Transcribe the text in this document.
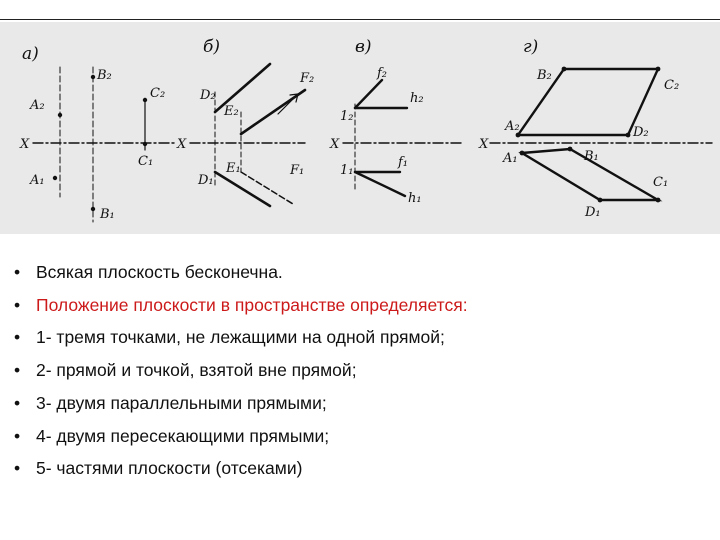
а)
A₂
B₂
C₂
X
C₁
A₁
B₁
б)
D₂
F₂
E₂
X
E₁	F₁
D₁
в)
f₂
h₂
1₂
X
1₁
f₁
h₁
г)
B₂
C₂
X
A₂	D₂
A₁	B₁
C₁
D₁
• Всякая плоскость бесконечна.
• Положение плоскости в пространстве определяется:
• 1- тремя точками, не лежащими на одной прямой;
• 2- прямой и точкой, взятой вне прямой;
• 3- двумя параллельными прямыми;
• 4- двумя пересекающими прямыми;
• 5- частями плоскости (отсеками)
